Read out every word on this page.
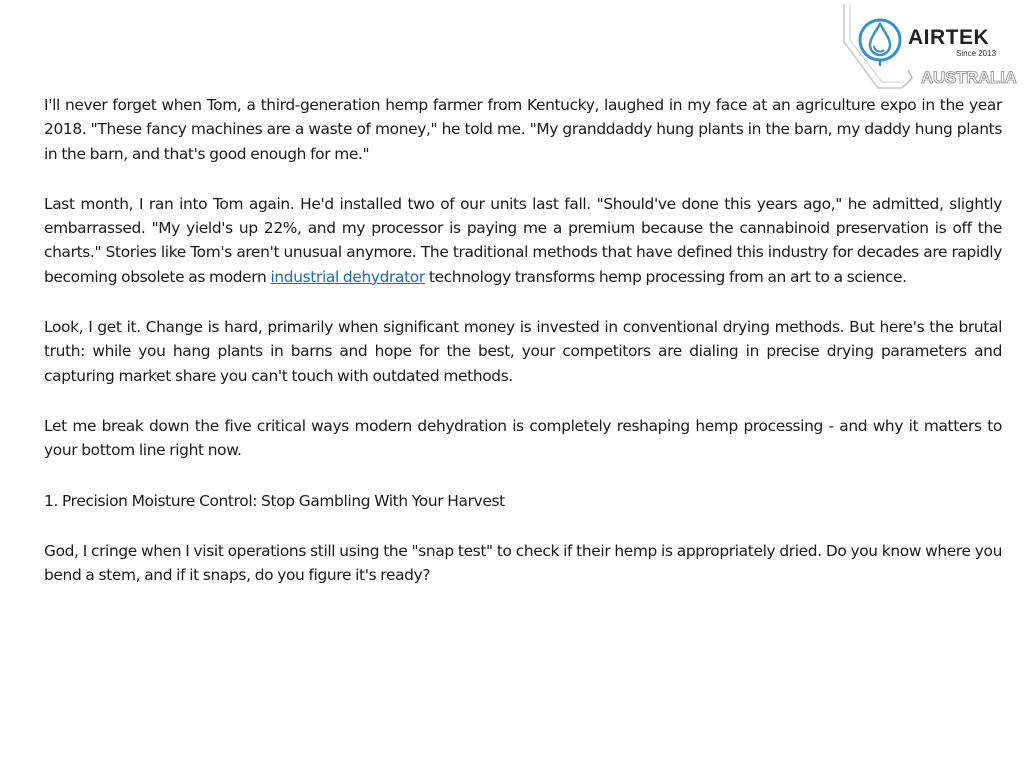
AIRTEK
Since 2013
AUSTRALIA

I'll never forget when Tom, a third-generation hemp farmer from Kentucky, laughed in my face at an agriculture expo in the year 2018. "These fancy machines are a waste of money," he told me. "My granddaddy hung plants in the barn, my daddy hung plants in the barn, and that's good enough for me."

Last month, I ran into Tom again. He'd installed two of our units last fall. "Should've done this years ago," he admitted, slightly embarrassed. "My yield's up 22%, and my processor is paying me a premium because the cannabinoid preservation is off the charts." Stories like Tom's aren't unusual anymore. The traditional methods that have defined this industry for decades are rapidly becoming obsolete as modern industrial dehydrator technology transforms hemp processing from an art to a science.

Look, I get it. Change is hard, primarily when significant money is invested in conventional drying methods. But here's the brutal truth: while you hang plants in barns and hope for the best, your competitors are dialing in precise drying parameters and capturing market share you can't touch with outdated methods.

Let me break down the five critical ways modern dehydration is completely reshaping hemp processing - and why it matters to your bottom line right now.

1. Precision Moisture Control: Stop Gambling With Your Harvest

God, I cringe when I visit operations still using the "snap test" to check if their hemp is appropriately dried. Do you know where you bend a stem, and if it snaps, do you figure it's ready?
